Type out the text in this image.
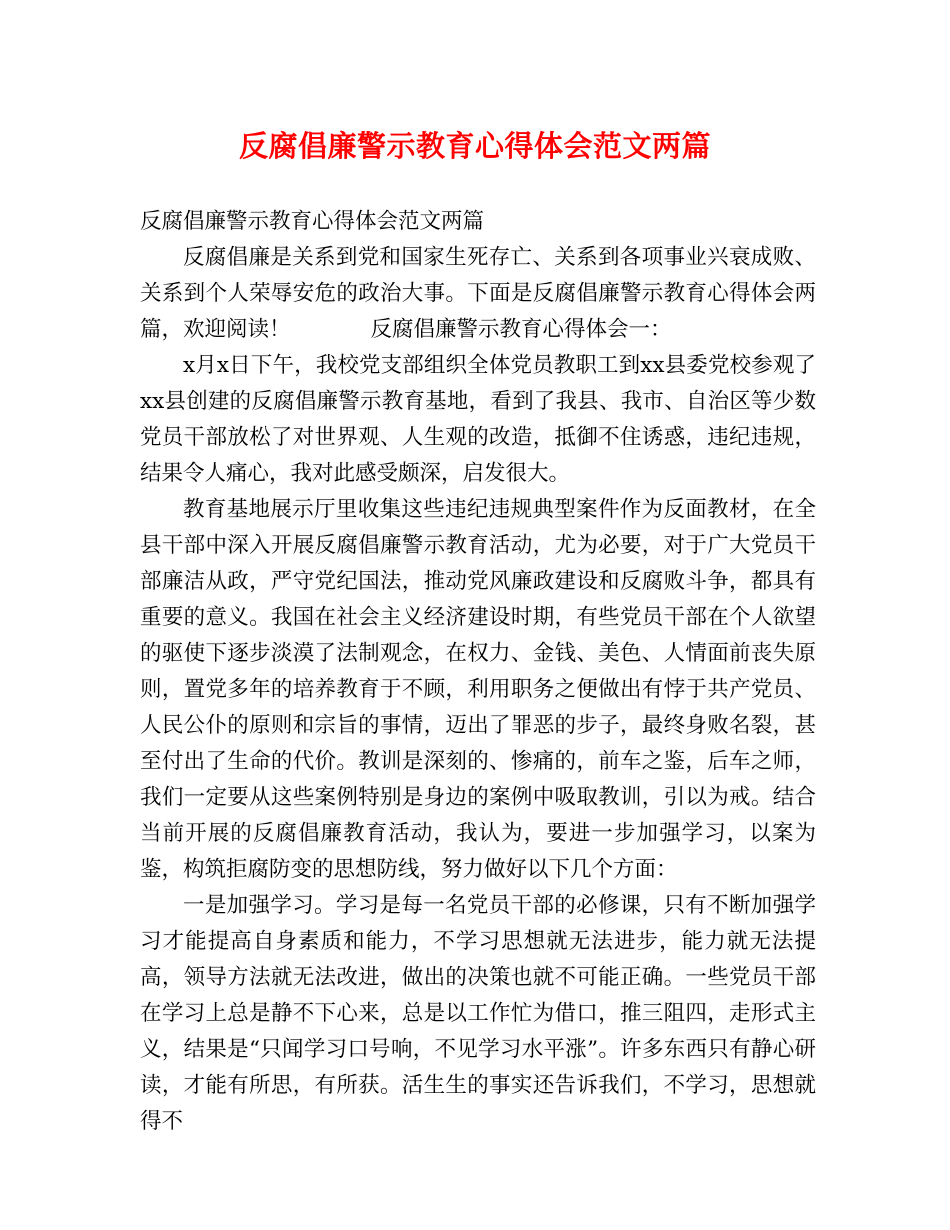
反腐倡廉警示教育心得体会范文两篇

反腐倡廉警示教育心得体会范文两篇

反腐倡廉是关系到党和国家生死存亡、关系到各项事业兴衰成败、关系到个人荣辱安危的政治大事。下面是反腐倡廉警示教育心得体会两篇，欢迎阅读！	反腐倡廉警示教育心得体会一：

x月x日下午，我校党支部组织全体党员教职工到xx县委党校参观了xx县创建的反腐倡廉警示教育基地，看到了我县、我市、自治区等少数党员干部放松了对世界观、人生观的改造，抵御不住诱惑，违纪违规，结果令人痛心，我对此感受颇深，启发很大。

教育基地展示厅里收集这些违纪违规典型案件作为反面教材，在全县干部中深入开展反腐倡廉警示教育活动，尤为必要，对于广大党员干部廉洁从政，严守党纪国法，推动党风廉政建设和反腐败斗争，都具有重要的意义。我国在社会主义经济建设时期，有些党员干部在个人欲望的驱使下逐步淡漠了法制观念，在权力、金钱、美色、人情面前丧失原则，置党多年的培养教育于不顾，利用职务之便做出有悖于共产党员、人民公仆的原则和宗旨的事情，迈出了罪恶的步子，最终身败名裂，甚至付出了生命的代价。教训是深刻的、惨痛的，前车之鉴，后车之师，我们一定要从这些案例特别是身边的案例中吸取教训，引以为戒。结合当前开展的反腐倡廉教育活动，我认为，要进一步加强学习，以案为鉴，构筑拒腐防变的思想防线，努力做好以下几个方面：

一是加强学习。学习是每一名党员干部的必修课，只有不断加强学习才能提高自身素质和能力，不学习思想就无法进步，能力就无法提高，领导方法就无法改进，做出的决策也就不可能正确。一些党员干部在学习上总是静不下心来，总是以工作忙为借口，推三阻四，走形式主义，结果是“只闻学习口号响，不见学习水平涨”。许多东西只有静心研读，才能有所思，有所获。活生生的事实还告诉我们，不学习，思想就得不
